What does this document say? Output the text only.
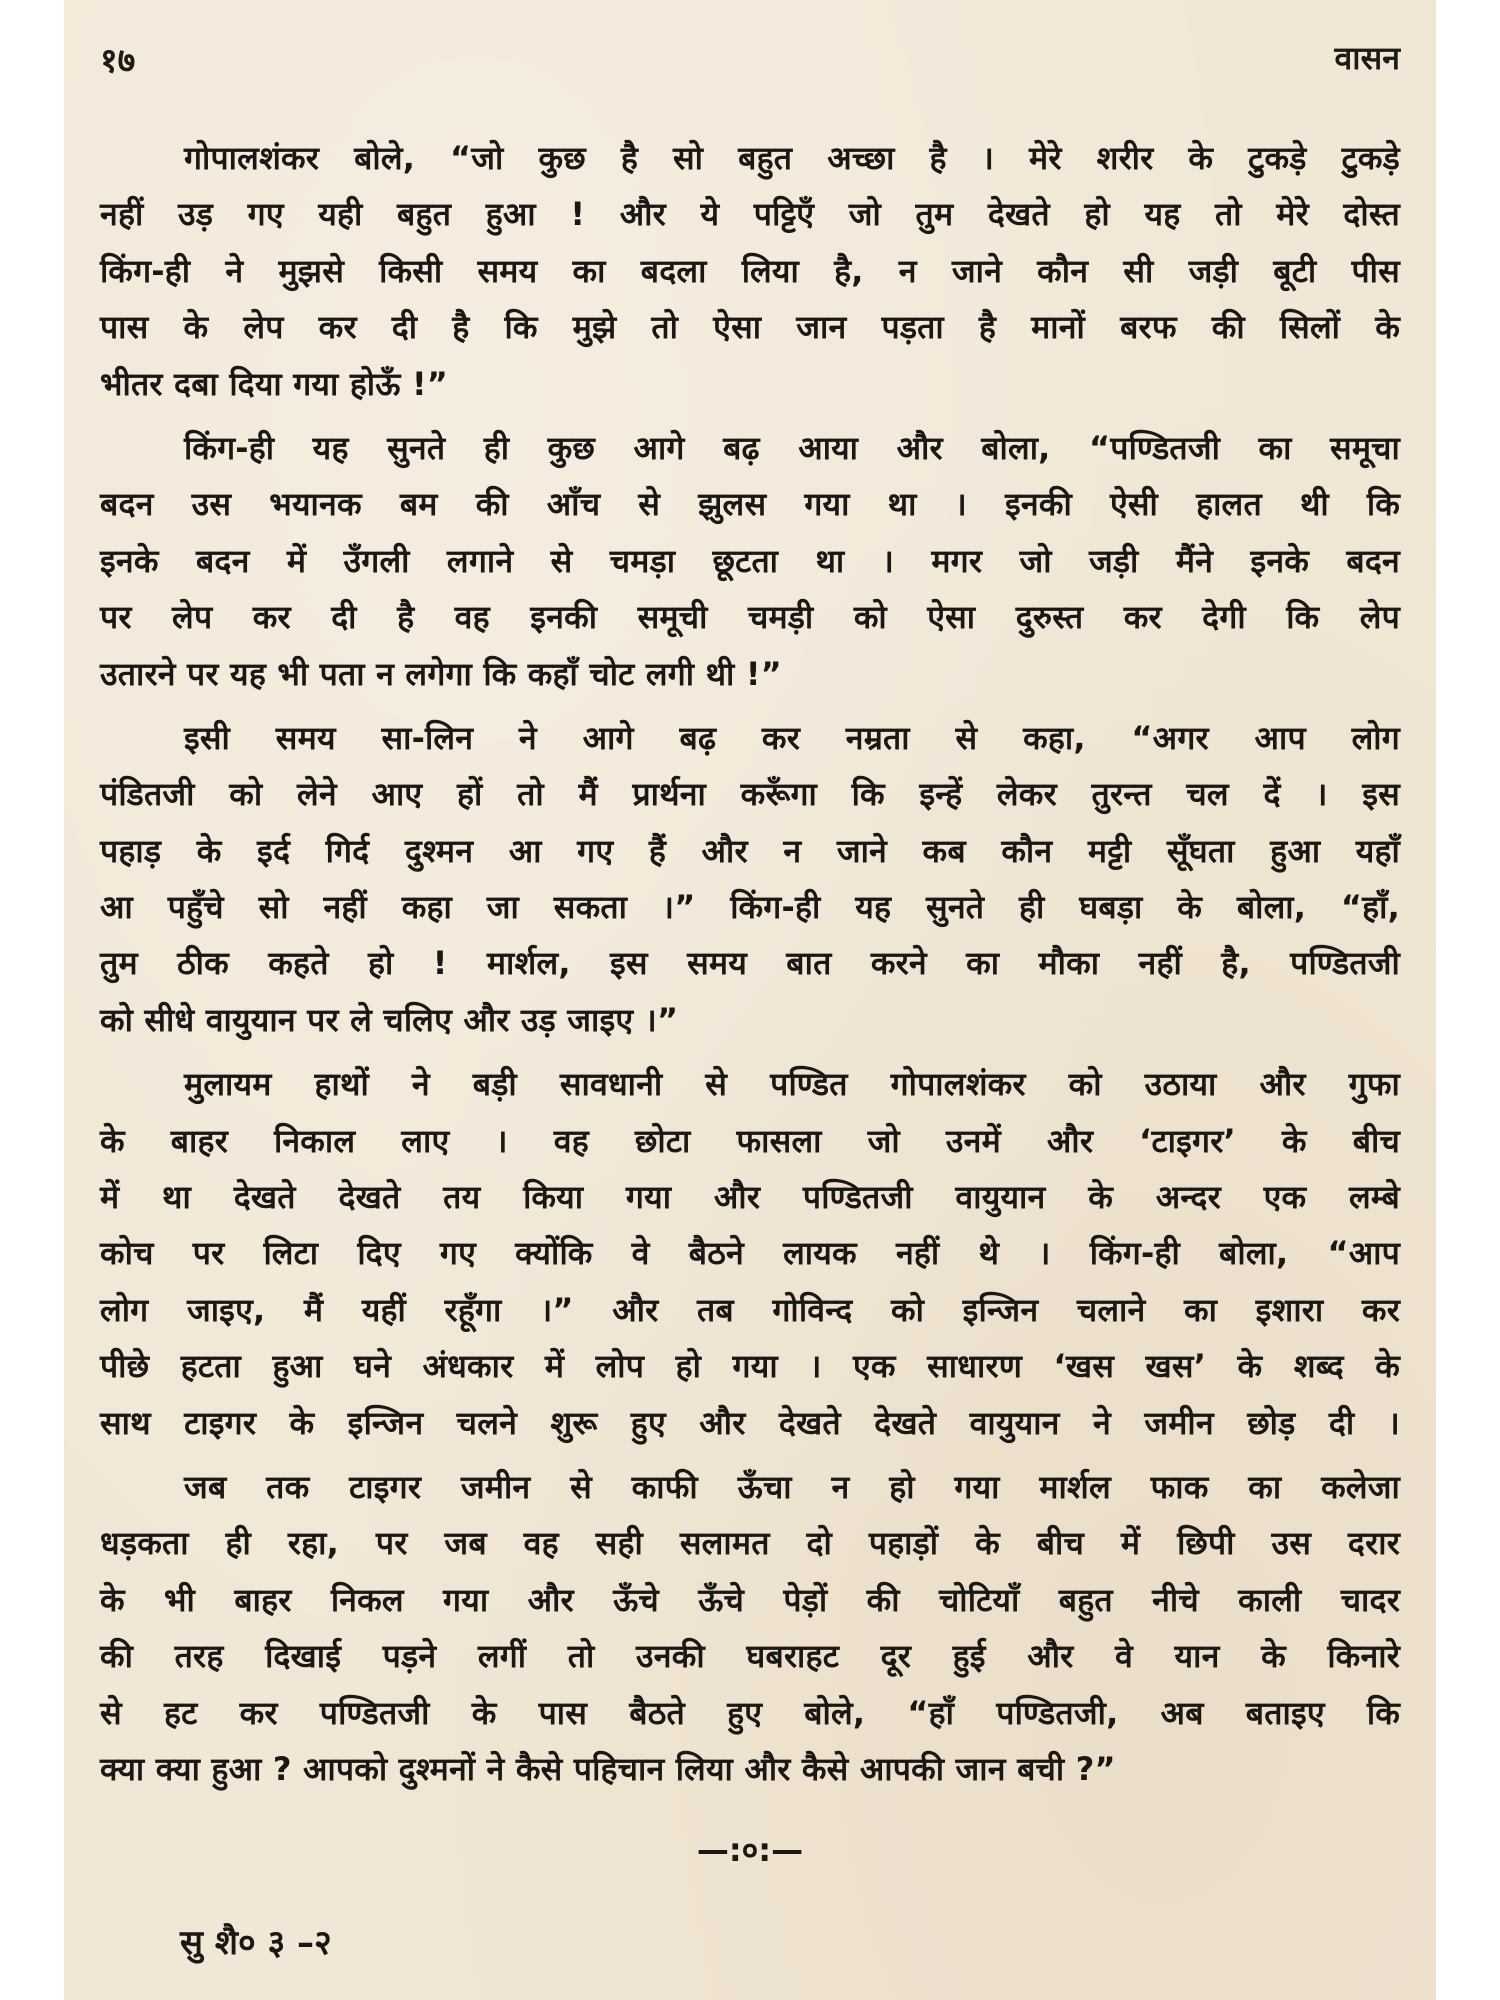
१७	वासन
गोपालशंकर बोले, “जो कुछ है सो बहुत अच्छा है । मेरे शरीर के टुकड़े टुकड़े
नहीं उड़ गए यही बहुत हुआ ! और ये पट्टिएँ जो तुम देखते हो यह तो मेरे दोस्त
किंग-ही ने मुझसे किसी समय का बदला लिया है, न जाने कौन सी जड़ी बूटी पीस
पास के लेप कर दी है कि मुझे तो ऐसा जान पड़ता है मानों बरफ की सिलों के
भीतर दबा दिया गया होऊँ !”
किंग-ही यह सुनते ही कुछ आगे बढ़ आया और बोला, “पण्डितजी का समूचा
बदन उस भयानक बम की आँच से झुलस गया था । इनकी ऐसी हालत थी कि
इनके बदन में उँगली लगाने से चमड़ा छूटता था । मगर जो जड़ी मैंने इनके बदन
पर लेप कर दी है वह इनकी समूची चमड़ी को ऐसा दुरुस्त कर देगी कि लेप
उतारने पर यह भी पता न लगेगा कि कहाँ चोट लगी थी !”
इसी समय सा-लिन ने आगे बढ़ कर नम्रता से कहा, “अगर आप लोग
पंडितजी को लेने आए हों तो मैं प्रार्थना करूँगा कि इन्हें लेकर तुरन्त चल दें । इस
पहाड़ के इर्द गिर्द दुश्मन आ गए हैं और न जाने कब कौन मट्टी सूँघता हुआ यहाँ
आ पहुँचे सो नहीं कहा जा सकता ।” किंग-ही यह सुनते ही घबड़ा के बोला, “हाँ,
तुम ठीक कहते हो ! मार्शल, इस समय बात करने का मौका नहीं है, पण्डितजी
को सीधे वायुयान पर ले चलिए और उड़ जाइए ।”
मुलायम हाथों ने बड़ी सावधानी से पण्डित गोपालशंकर को उठाया और गुफा
के बाहर निकाल लाए । वह छोटा फासला जो उनमें और ‘टाइगर’ के बीच
में था देखते देखते तय किया गया और पण्डितजी वायुयान के अन्दर एक लम्बे
कोच पर लिटा दिए गए क्योंकि वे बैठने लायक नहीं थे । किंग-ही बोला, “आप
लोग जाइए, मैं यहीं रहूँगा ।” और तब गोविन्द को इन्जिन चलाने का इशारा कर
पीछे हटता हुआ घने अंधकार में लोप हो गया । एक साधारण ‘खस खस’ के शब्द के
साथ टाइगर के इन्जिन चलने शुरू हुए और देखते देखते वायुयान ने जमीन छोड़ दी ।
जब तक टाइगर जमीन से काफी ऊँचा न हो गया मार्शल फाक का कलेजा
धड़कता ही रहा, पर जब वह सही सलामत दो पहाड़ों के बीच में छिपी उस दरार
के भी बाहर निकल गया और ऊँचे ऊँचे पेड़ों की चोटियाँ बहुत नीचे काली चादर
की तरह दिखाई पड़ने लगीं तो उनकी घबराहट दूर हुई और वे यान के किनारे
से हट कर पण्डितजी के पास बैठते हुए बोले, “हाँ पण्डितजी, अब बताइए कि
क्या क्या हुआ ? आपको दुश्मनों ने कैसे पहिचान लिया और कैसे आपकी जान बची ?”
—:०:—
सु शै० ३ –२
